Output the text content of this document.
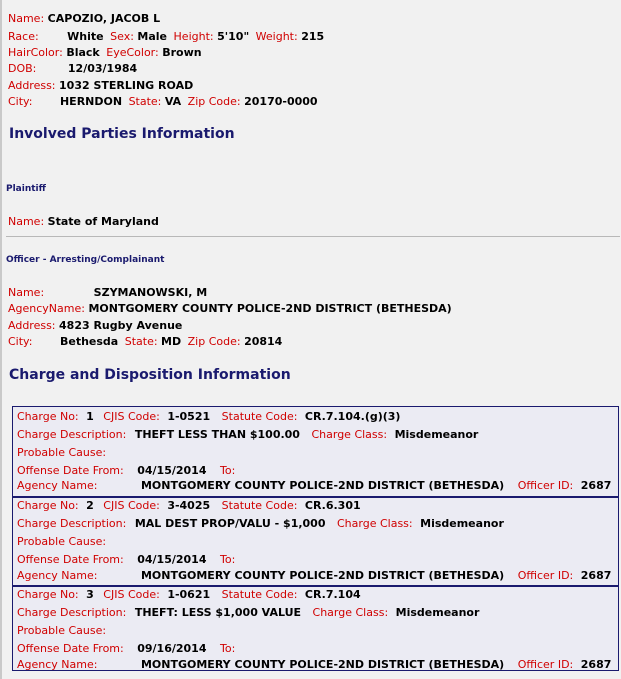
Name: CAPOZIO, JACOB L
Race:	White Sex: Male Height: 5'10" Weight: 215
HairColor: Black EyeColor: Brown
DOB:	12/03/1984
Address: 1032 STERLING ROAD
City:	HERNDON State: VA Zip Code: 20170-0000
Involved Parties Information
Plaintiff
Name: State of Maryland
Officer - Arresting/Complainant
Name:	SZYMANOWSKI, M
AgencyName: MONTGOMERY COUNTY POLICE-2ND DISTRICT (BETHESDA)
Address: 4823 Rugby Avenue
City:	Bethesda State: MD Zip Code: 20814
Charge and Disposition Information
Charge No: 1 CJIS Code: 1-0521 Statute Code: CR.7.104.(g)(3)
Charge Description: THEFT LESS THAN $100.00 Charge Class: Misdemeanor
Probable Cause:
Offense Date From: 04/15/2014 To:
Agency Name:	MONTGOMERY COUNTY POLICE-2ND DISTRICT (BETHESDA) Officer ID: 2687
Charge No: 2 CJIS Code: 3-4025 Statute Code: CR.6.301
Charge Description: MAL DEST PROP/VALU - $1,000 Charge Class: Misdemeanor
Probable Cause:
Offense Date From: 04/15/2014 To:
Agency Name:	MONTGOMERY COUNTY POLICE-2ND DISTRICT (BETHESDA) Officer ID: 2687
Charge No: 3 CJIS Code: 1-0621 Statute Code: CR.7.104
Charge Description: THEFT: LESS $1,000 VALUE Charge Class: Misdemeanor
Probable Cause:
Offense Date From: 09/16/2014 To:
Agency Name:	MONTGOMERY COUNTY POLICE-2ND DISTRICT (BETHESDA) Officer ID: 2687
